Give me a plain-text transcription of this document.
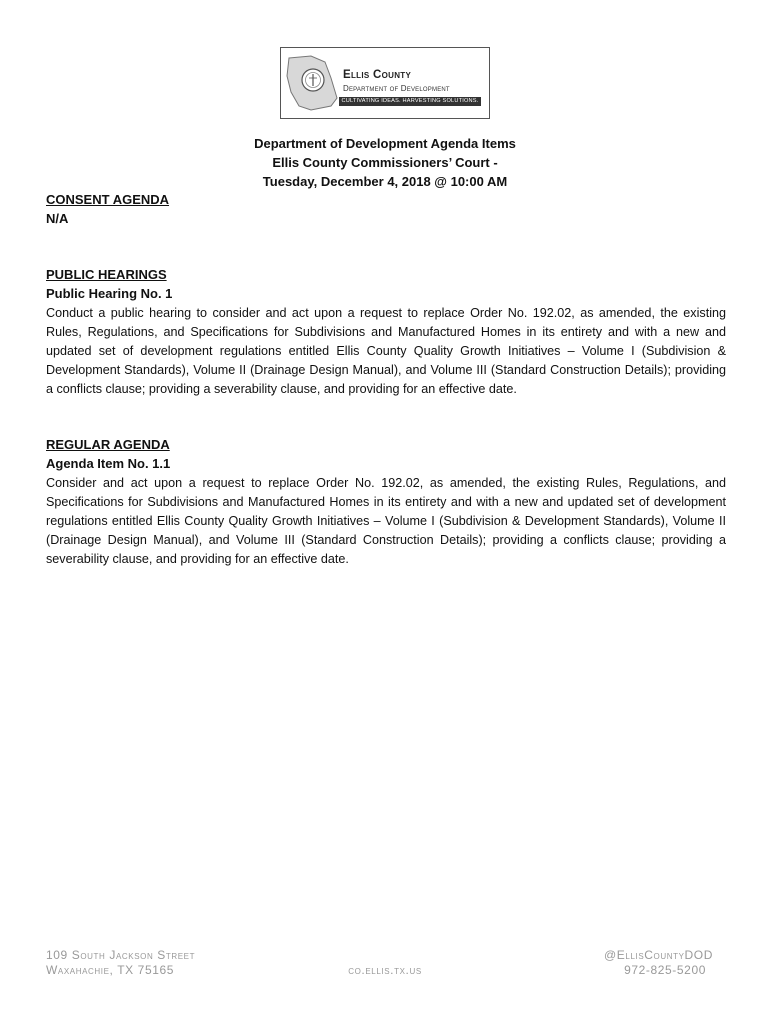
Ellis County
Department of Development
CULTIVATING IDEAS. HARVESTING SOLUTIONS.
Department of Development Agenda Items
Ellis County Commissioners’ Court -
Tuesday, December 4, 2018 @ 10:00 AM
CONSENT AGENDA
N/A
PUBLIC HEARINGS
Public Hearing No. 1
Conduct a public hearing to consider and act upon a request to replace Order No. 192.02, as amended, the existing Rules, Regulations, and Specifications for Subdivisions and Manufactured Homes in its entirety and with a new and updated set of development regulations entitled Ellis County Quality Growth Initiatives – Volume I (Subdivision & Development Standards), Volume II (Drainage Design Manual), and Volume III (Standard Construction Details); providing a conflicts clause; providing a severability clause, and providing for an effective date.
REGULAR AGENDA
Agenda Item No. 1.1
Consider and act upon a request to replace Order No. 192.02, as amended, the existing Rules, Regulations, and Specifications for Subdivisions and Manufactured Homes in its entirety and with a new and updated set of development regulations entitled Ellis County Quality Growth Initiatives – Volume I (Subdivision & Development Standards), Volume II (Drainage Design Manual), and Volume III (Standard Construction Details); providing a conflicts clause; providing a severability clause, and providing for an effective date.
109 South Jackson Street
Waxahachie, TX 75165	co.ellis.tx.us
@EllisCountyDOD
972-825-5200
